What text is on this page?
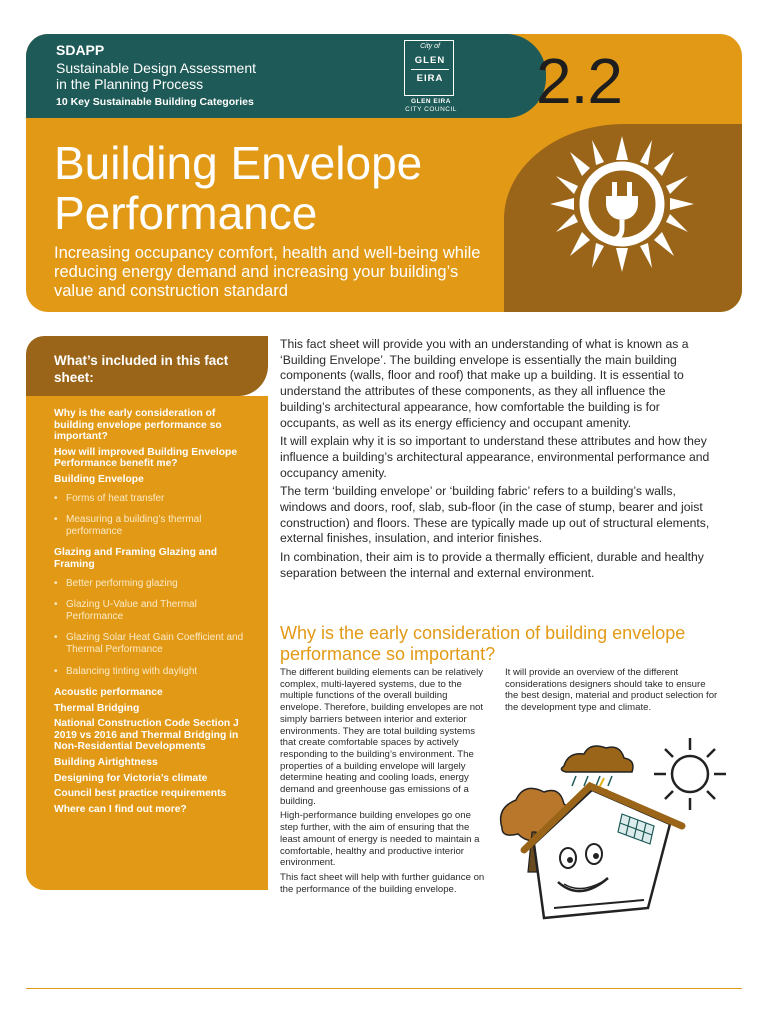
SDAPP
Sustainable Design Assessment
in the Planning Process
10 Key Sustainable Building Categories
City of
GLEN
EIRA
GLEN EIRA
CITY COUNCIL 2.2
Building Envelope
Performance
Increasing occupancy comfort, health and well-being while reducing energy demand and increasing your building’s value and construction standard
What’s included in this fact sheet:
Why is the early consideration of building envelope performance so important?
How will improved Building Envelope Performance benefit me?
Building Envelope
• Forms of heat transfer
• Measuring a building’s thermal performance
Glazing and Framing Glazing and Framing
• Better performing glazing
• Glazing U-Value and Thermal Performance
• Glazing Solar Heat Gain Coefficient and Thermal Performance
• Balancing tinting with daylight
Acoustic performance
Thermal Bridging
National Construction Code Section J 2019 vs 2016 and Thermal Bridging in Non-Residential Developments
Building Airtightness
Designing for Victoria’s climate
Council best practice requirements
Where can I find out more?

This fact sheet will provide you with an understanding of what is known as a ‘Building Envelope’. The building envelope is essentially the main building components (walls, floor and roof) that make up a building. It is essential to understand the attributes of these components, as they all influence the building’s architectural appearance, how comfortable the building is for occupants, as well as its energy efficiency and occupant amenity.

It will explain why it is so important to understand these attributes and how they influence a building’s architectural appearance, environmental performance and occupancy amenity.

The term ‘building envelope’ or ‘building fabric’ refers to a building’s walls, windows and doors, roof, slab, sub-floor (in the case of stump, bearer and joist construction) and floors. These are typically made up out of structural elements, external finishes, insulation, and interior finishes.

In combination, their aim is to provide a thermally efficient, durable and healthy separation between the internal and external environment.

Why is the early consideration of building envelope performance so important?

The different building elements can be relatively complex, multi-layered systems, due to the multiple functions of the overall building envelope. Therefore, building envelopes are not simply barriers between interior and exterior environments. They are total building systems that create comfortable spaces by actively responding to the building’s environment. The properties of a building envelope will largely determine heating and cooling loads, energy demand and greenhouse gas emissions of a building.

High-performance building envelopes go one step further, with the aim of ensuring that the least amount of energy is needed to maintain a comfortable, healthy and productive interior environment.

This fact sheet will help with further guidance on the performance of the building envelope.

It will provide an overview of the different considerations designers should take to ensure the best design, material and product selection for the development type and climate.
